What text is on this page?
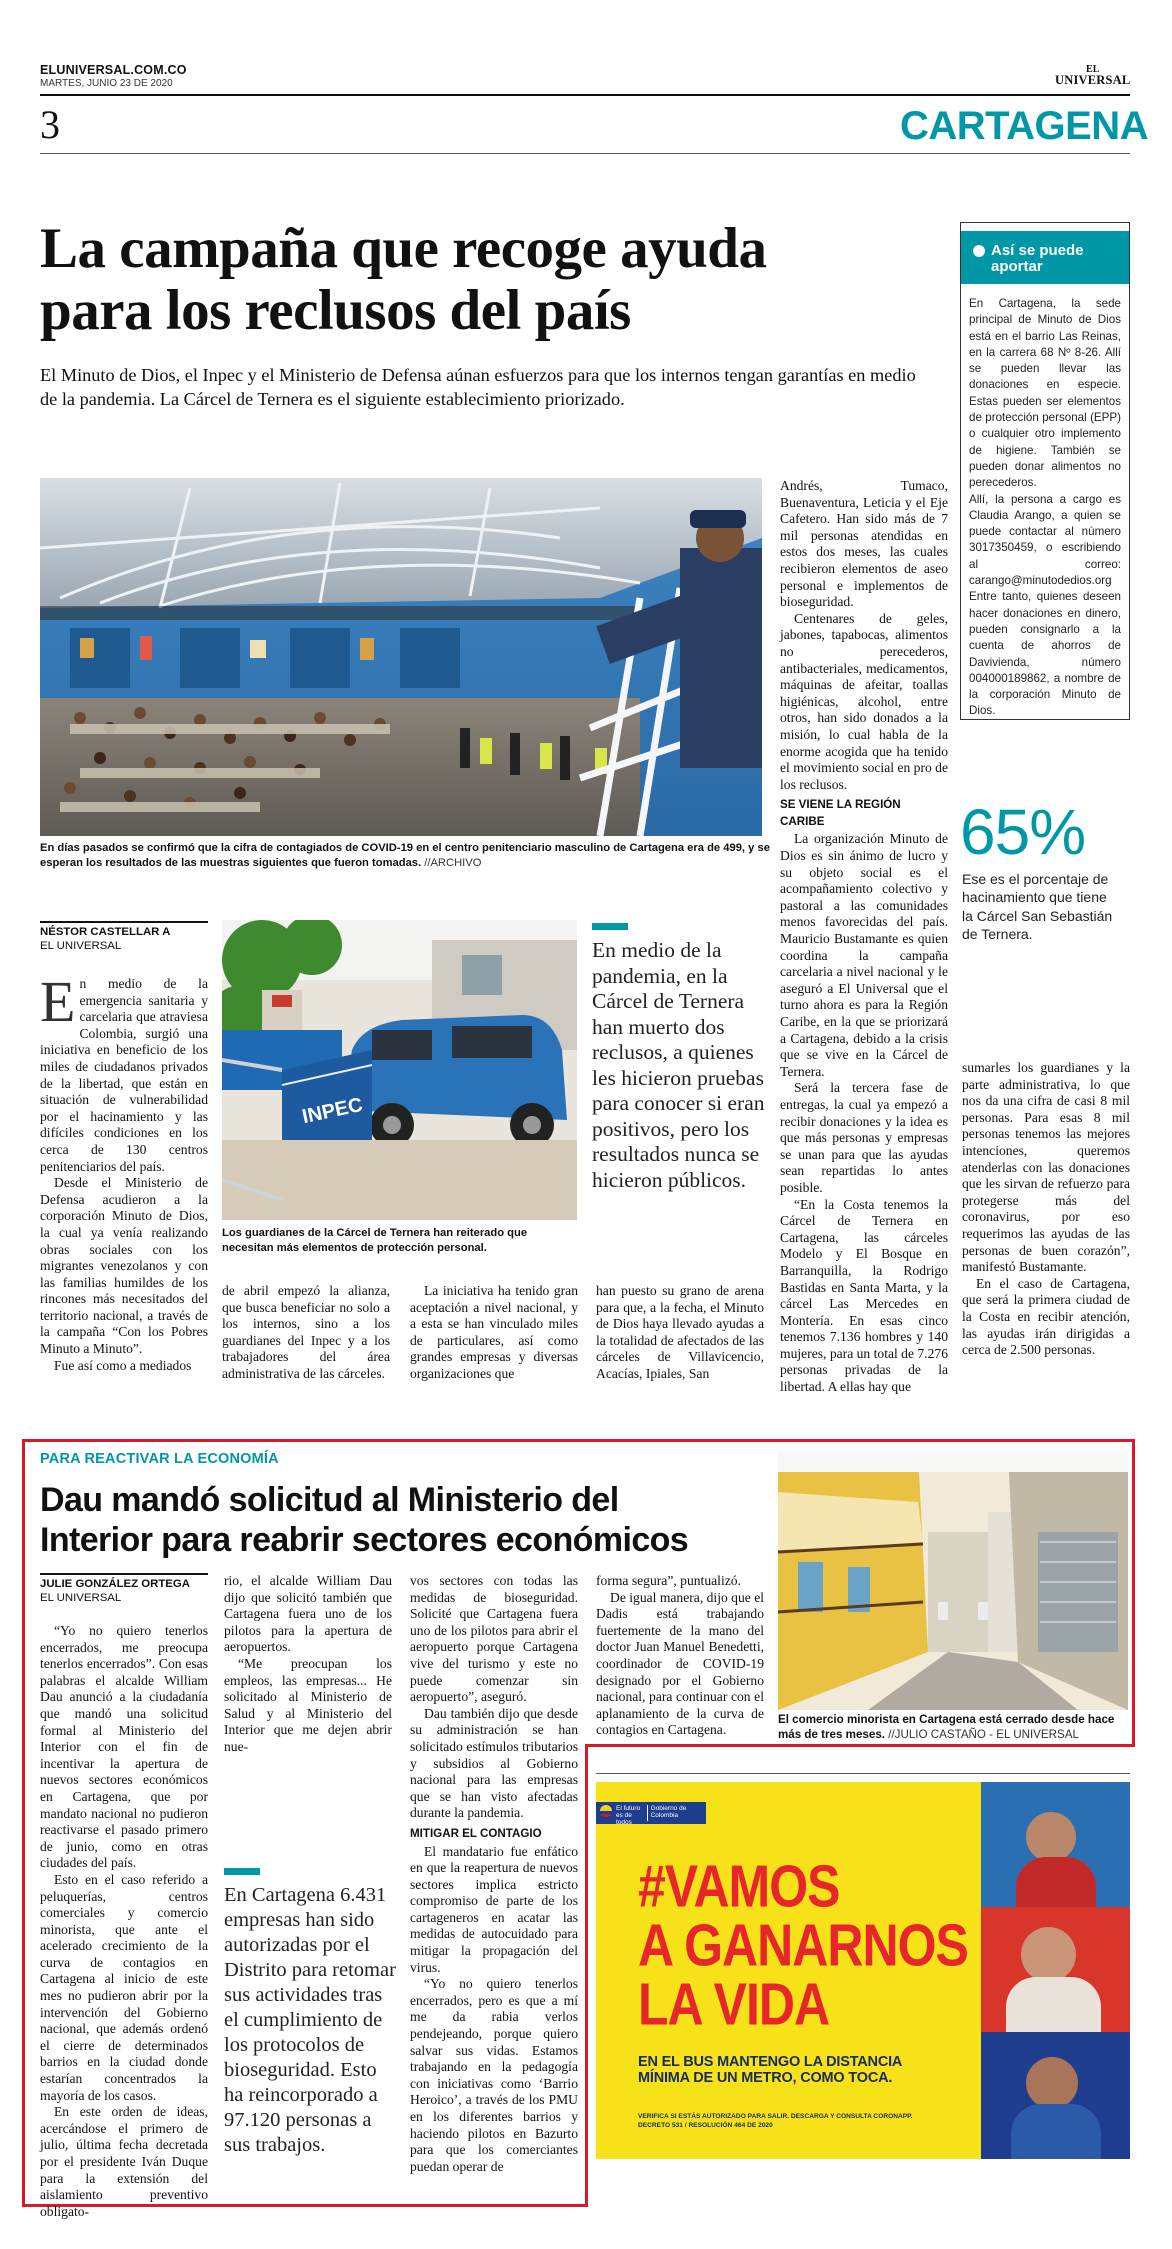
ELUNIVERSAL.COM.CO
MARTES, JUNIO 23 DE 2020
EL
UNIVERSAL
3	CARTAGENA
La campaña que recoge ayuda
para los reclusos del país
El Minuto de Dios, el Inpec y el Ministerio de Defensa aúnan esfuerzos para que los internos tengan garantías en medio de la pandemia. La Cárcel de Ternera es el siguiente establecimiento priorizado.
En días pasados se confirmó que la cifra de contagiados de COVID-19 en el centro penitenciario masculino de Cartagena era de 499, y se esperan los resultados de las muestras siguientes que fueron tomadas. //ARCHIVO
Así se puede aportar

En Cartagena, la sede principal de Minuto de Dios está en el barrio Las Reinas, en la carrera 68 Nº 8-26. Allí se pueden llevar las donaciones en especie. Estas pueden ser elementos de protección personal (EPP) o cualquier otro implemento de higiene. También se pueden donar alimentos no perecederos.

Allí, la persona a cargo es Claudia Arango, a quien se puede contactar al número 3017350459, o escribiendo al correo: carango@minutodedios.org

Entre tanto, quienes deseen hacer donaciones en dinero, pueden consignarlo a la cuenta de ahorros de Davivienda, número 004000189862, a nombre de la corporación Minuto de Dios.

65%
Ese es el porcentaje de hacinamiento que tiene la Cárcel San Sebastián de Ternera.
NÉSTOR CASTELLAR A
EL UNIVERSAL

En medio de la emergencia sanitaria y carcelaria que atraviesa Colombia, surgió una iniciativa en beneficio de los miles de ciudadanos privados de la libertad, que están en situación de vulnerabilidad por el hacinamiento y las difíciles condiciones en los cerca de 130 centros penitenciarios del país.

Desde el Ministerio de Defensa acudieron a la corporación Minuto de Dios, la cual ya venía realizando obras sociales con los migrantes venezolanos y con las familias humildes de los rincones más necesitados del territorio nacional, a través de la campaña “Con los Pobres Minuto a Minuto”.

Fue así como a mediados

INPEC
Los guardianes de la Cárcel de Ternera han reiterado que necesitan más elementos de protección personal.
En medio de la pandemia, en la Cárcel de Ternera han muerto dos reclusos, a quienes les hicieron pruebas para conocer si eran positivos, pero los resultados nunca se hicieron públicos.

de abril empezó la alianza, que busca beneficiar no solo a los internos, sino a los guardianes del Inpec y a los trabajadores del área administrativa de las cárceles.

La iniciativa ha tenido gran aceptación a nivel nacional, y a esta se han vinculado miles de particulares, así como grandes empresas y diversas organizaciones que

han puesto su grano de arena para que, a la fecha, el Minuto de Dios haya llevado ayudas a la totalidad de afectados de las cárceles de Villavicencio, Acacías, Ipiales, San

Andrés, Tumaco, Buenaventura, Leticia y el Eje Cafetero. Han sido más de 7 mil personas atendidas en estos dos meses, las cuales recibieron elementos de aseo personal e implementos de bioseguridad.

Centenares de geles, jabones, tapabocas, alimentos no perecederos, antibacteriales, medicamentos, máquinas de afeitar, toallas higiénicas, alcohol, entre otros, han sido donados a la misión, lo cual habla de la enorme acogida que ha tenido el movimiento social en pro de los reclusos.

SE VIENE LA REGIÓN CARIBE

La organización Minuto de Dios es sin ánimo de lucro y su objeto social es el acompañamiento colectivo y pastoral a las comunidades menos favorecidas del país. Mauricio Bustamante es quien coordina la campaña carcelaria a nivel nacional y le aseguró a El Universal que el turno ahora es para la Región Caribe, en la que se priorizará a Cartagena, debido a la crisis que se vive en la Cárcel de Ternera.

Será la tercera fase de entregas, la cual ya empezó a recibir donaciones y la idea es que más personas y empresas se unan para que las ayudas sean repartidas lo antes posible.

“En la Costa tenemos la Cárcel de Ternera en Cartagena, las cárceles Modelo y El Bosque en Barranquilla, la Rodrigo Bastidas en Santa Marta, y la cárcel Las Mercedes en Montería. En esas cinco tenemos 7.136 hombres y 140 mujeres, para un total de 7.276 personas privadas de la libertad. A ellas hay que

sumarles los guardianes y la parte administrativa, lo que nos da una cifra de casi 8 mil personas. Para esas 8 mil personas tenemos las mejores intenciones, queremos atenderlas con las donaciones que les sirvan de refuerzo para protegerse más del coronavirus, por eso requerimos las ayudas de las personas de buen corazón”, manifestó Bustamante.

En el caso de Cartagena, que será la primera ciudad de la Costa en recibir atención, las ayudas irán dirigidas a cerca de 2.500 personas.

PARA REACTIVAR LA ECONOMÍA
Dau mandó solicitud al Ministerio del
Interior para reabrir sectores económicos
El comercio minorista en Cartagena está cerrado desde hace más de tres meses. //JULIO CASTAÑO - EL UNIVERSAL
JULIE GONZÁLEZ ORTEGA
EL UNIVERSAL

“Yo no quiero tenerlos encerrados, me preocupa tenerlos encerrados”. Con esas palabras el alcalde William Dau anunció a la ciudadanía que mandó una solicitud formal al Ministerio del Interior con el fin de incentivar la apertura de nuevos sectores económicos en Cartagena, que por mandato nacional no pudieron reactivarse el pasado primero de junio, como en otras ciudades del país.

Esto en el caso referido a peluquerías, centros comerciales y comercio minorista, que ante el acelerado crecimiento de la curva de contagios en Cartagena al inicio de este mes no pudieron abrir por la intervención del Gobierno nacional, que además ordenó el cierre de determinados barrios en la ciudad donde estarían concentrados la mayoría de los casos.

En este orden de ideas, acercándose el primero de julio, última fecha decretada por el presidente Iván Duque para la extensión del aislamiento preventivo obligato-

rio, el alcalde William Dau dijo que solicitó también que Cartagena fuera uno de los pilotos para la apertura de aeropuertos.

“Me preocupan los empleos, las empresas... He solicitado al Ministerio de Salud y al Ministerio del Interior que me dejen abrir nue-

En Cartagena 6.431 empresas han sido autorizadas por el Distrito para retomar sus actividades tras el cumplimiento de los protocolos de bioseguridad. Esto ha reincorporado a 97.120 personas a sus trabajos.

vos sectores con todas las medidas de bioseguridad. Solicité que Cartagena fuera uno de los pilotos para abrir el aeropuerto porque Cartagena vive del turismo y este no puede comenzar sin aeropuerto”, aseguró.

Dau también dijo que desde su administración se han solicitado estímulos tributarios y subsidios al Gobierno nacional para las empresas que se han visto afectadas durante la pandemia.

MITIGAR EL CONTAGIO

El mandatario fue enfático en que la reapertura de nuevos sectores implica estricto compromiso de parte de los cartageneros en acatar las medidas de autocuidado para mitigar la propagación del virus.

“Yo no quiero tenerlos encerrados, pero es que a mí me da rabia verlos pendejeando, porque quiero salvar sus vidas. Estamos trabajando en la pedagogía con iniciativas como ‘Barrio Heroico’, a través de los PMU en los diferentes barrios y haciendo pilotos en Bazurto para que los comerciantes puedan operar de

forma segura”, puntualizó.

De igual manera, dijo que el Dadis está trabajando fuertemente de la mano del doctor Juan Manuel Benedetti, coordinador de COVID-19 designado por el Gobierno nacional, para continuar con el aplanamiento de la curva de contagios en Cartagena.

El futuro
es de todos
Gobierno de Colombia
#VAMOS
A GANARNOS
LA VIDA
EN EL BUS MANTENGO LA DISTANCIA
MÍNIMA DE UN METRO, COMO TOCA.
VERIFICA SI ESTÁS AUTORIZADO PARA SALIR. DESCARGA Y CONSULTA CORONAPP.
DECRETO 531 / RESOLUCIÓN 464 DE 2020
